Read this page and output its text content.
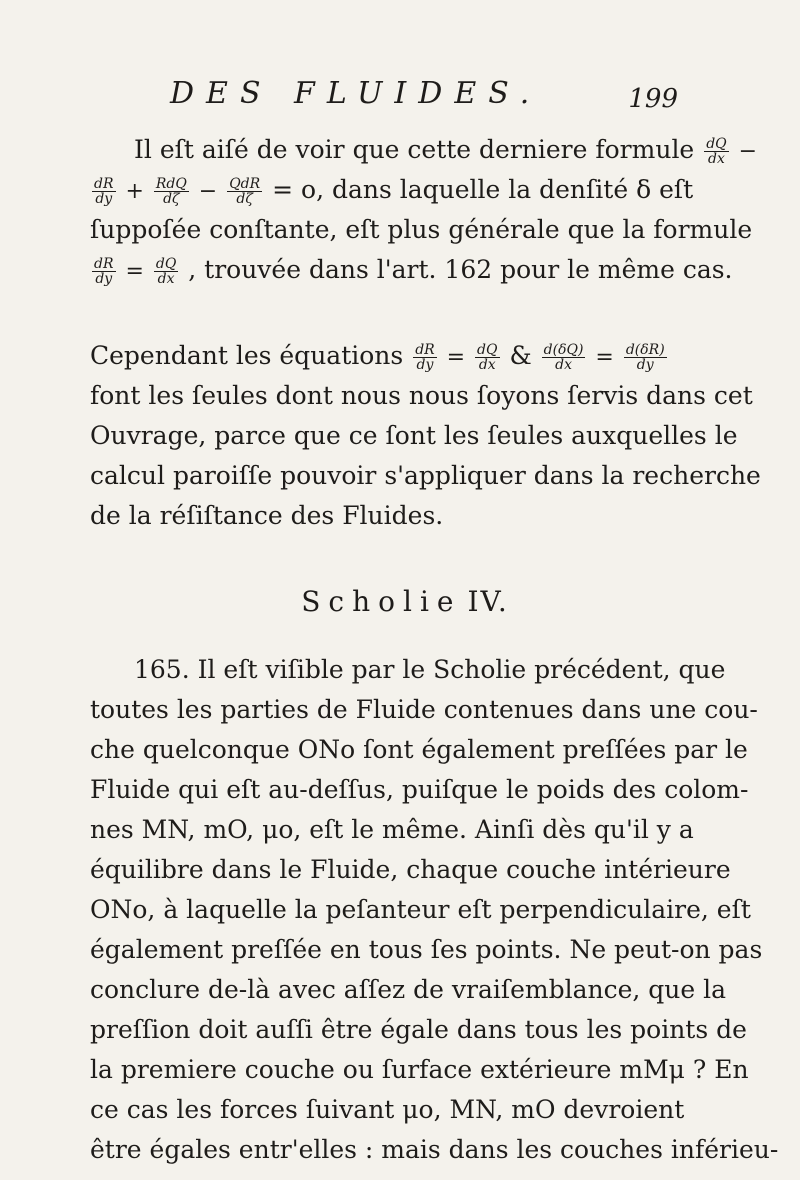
DES FLUIDES.	199
Il eſt aiſé de voir que cette derniere formule $\frac{dQ}{dx}$ −
$\frac{dR}{dy} + \frac{\text{RdQ}}{d\zeta} - \frac{\text{QdR}}{d\zeta} = o$, dans laquelle la denſité δ eſt
ſuppoſée conſtante, eſt plus générale que la formule
$\frac{dR}{dy} = \frac{dQ}{dx}$ , trouvée dans l'art. 162 pour le même cas.
Cependant les équations $\frac{dR}{dy} = \frac{dQ}{dx}$ & $\frac{d(\delta Q)}{dx} = \frac{d(\delta R)}{dy}$
font les ſeules dont nous nous ſoyons ſervis dans cet
Ouvrage, parce que ce ſont les ſeules auxquelles le
calcul paroiſſe pouvoir s'appliquer dans la recherche
de la réſiſtance des Fluides.
Scholie IV.
165. Il eſt viſible par le Scholie précédent, que
toutes les parties de Fluide contenues dans une cou-
che quelconque ONo ſont également preſſées par le
Fluide qui eſt au-deſſus, puiſque le poids des colom-
nes MN, mO, μo, eſt le même. Ainſi dès qu'il y a
équilibre dans le Fluide, chaque couche intérieure
ONo, à laquelle la peſanteur eſt perpendiculaire, eſt
également preſſée en tous ſes points. Ne peut-on pas
conclure de-là avec aſſez de vraiſemblance, que la
preſſion doit auſſi être égale dans tous les points de
la premiere couche ou ſurface extérieure mMμ ? En
ce cas les forces ſuivant μo, MN, mO devroient
être égales entr'elles : mais dans les couches inférieu-
